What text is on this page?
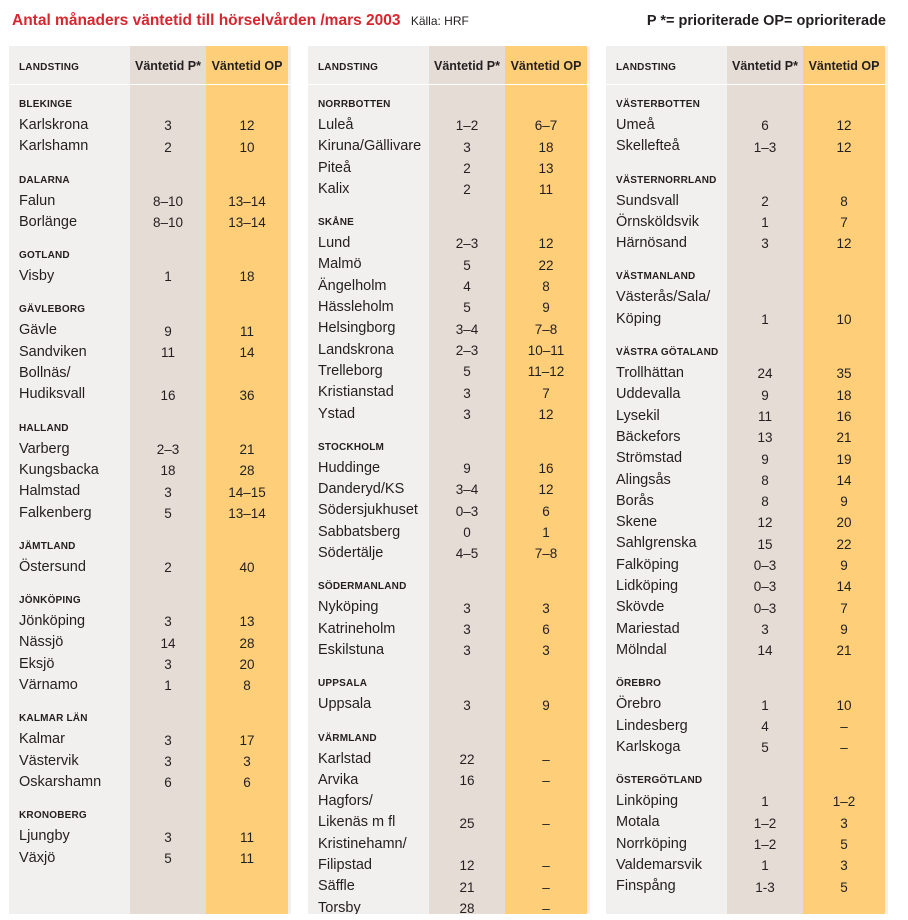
Antal månaders väntetid till hörselvården /mars 2003 Källa: HRF	P *= prioriterade OP= oprioriterade
LANDSTING	Väntetid P* Väntetid OP
BLEKINGE
Karlskrona	3	12
Karlshamn	2	10
DALARNA
Falun	8–10	13–14
Borlänge	8–10	13–14
GOTLAND
Visby	1	18
GÄVLEBORG
Gävle	9	11
Sandviken	11	14
Bollnäs/
Hudiksvall	16	36
HALLAND
Varberg	2–3	21
Kungsbacka	18	28
Halmstad	3	14–15
Falkenberg	5	13–14
JÄMTLAND
Östersund	2	40
JÖNKÖPING
Jönköping	3	13
Nässjö	14	28
Eksjö	3	20
Värnamo	1	8
KALMAR LÄN
Kalmar	3	17
Västervik	3	3
Oskarshamn	6	6
KRONOBERG
Ljungby	3	11
Växjö	5	11
LANDSTING	Väntetid P* Väntetid OP
NORRBOTTEN
Luleå	1–2	6–7
Kiruna/Gällivare	3	18
Piteå	2	13
Kalix	2	11
SKÅNE
Lund	2–3	12
Malmö	5	22
Ängelholm	4	8
Hässleholm	5	9
Helsingborg	3–4	7–8
Landskrona	2–3	10–11
Trelleborg	5	11–12
Kristianstad	3	7
Ystad	3	12
STOCKHOLM
Huddinge	9	16
Danderyd/KS	3–4	12
Södersjukhuset	0–3	6
Sabbatsberg	0	1
Södertälje	4–5	7–8
SÖDERMANLAND
Nyköping	3	3
Katrineholm	3	6
Eskilstuna	3	3
UPPSALA
Uppsala	3	9
VÄRMLAND
Karlstad	22	–
Arvika	16	–
Hagfors/
Likenäs m fl	25	–
Kristinehamn/
Filipstad	12	–
Säffle	21	–
Torsby	28	–
LANDSTING	Väntetid P* Väntetid OP
VÄSTERBOTTEN
Umeå	6	12
Skellefteå	1–3	12
VÄSTERNORRLAND
Sundsvall	2	8
Örnsköldsvik	1	7
Härnösand	3	12
VÄSTMANLAND
Västerås/Sala/
Köping	1	10
VÄSTRA GÖTALAND
Trollhättan	24	35
Uddevalla	9	18
Lysekil	11	16
Bäckefors	13	21
Strömstad	9	19
Alingsås	8	14
Borås	8	9
Skene	12	20
Sahlgrenska	15	22
Falköping	0–3	9
Lidköping	0–3	14
Skövde	0–3	7
Mariestad	3	9
Mölndal	14	21
ÖREBRO
Örebro	1	10
Lindesberg	4	–
Karlskoga	5	–
ÖSTERGÖTLAND
Linköping	1	1–2
Motala	1–2	3
Norrköping	1–2	5
Valdemarsvik	1	3
Finspång	1-3	5
